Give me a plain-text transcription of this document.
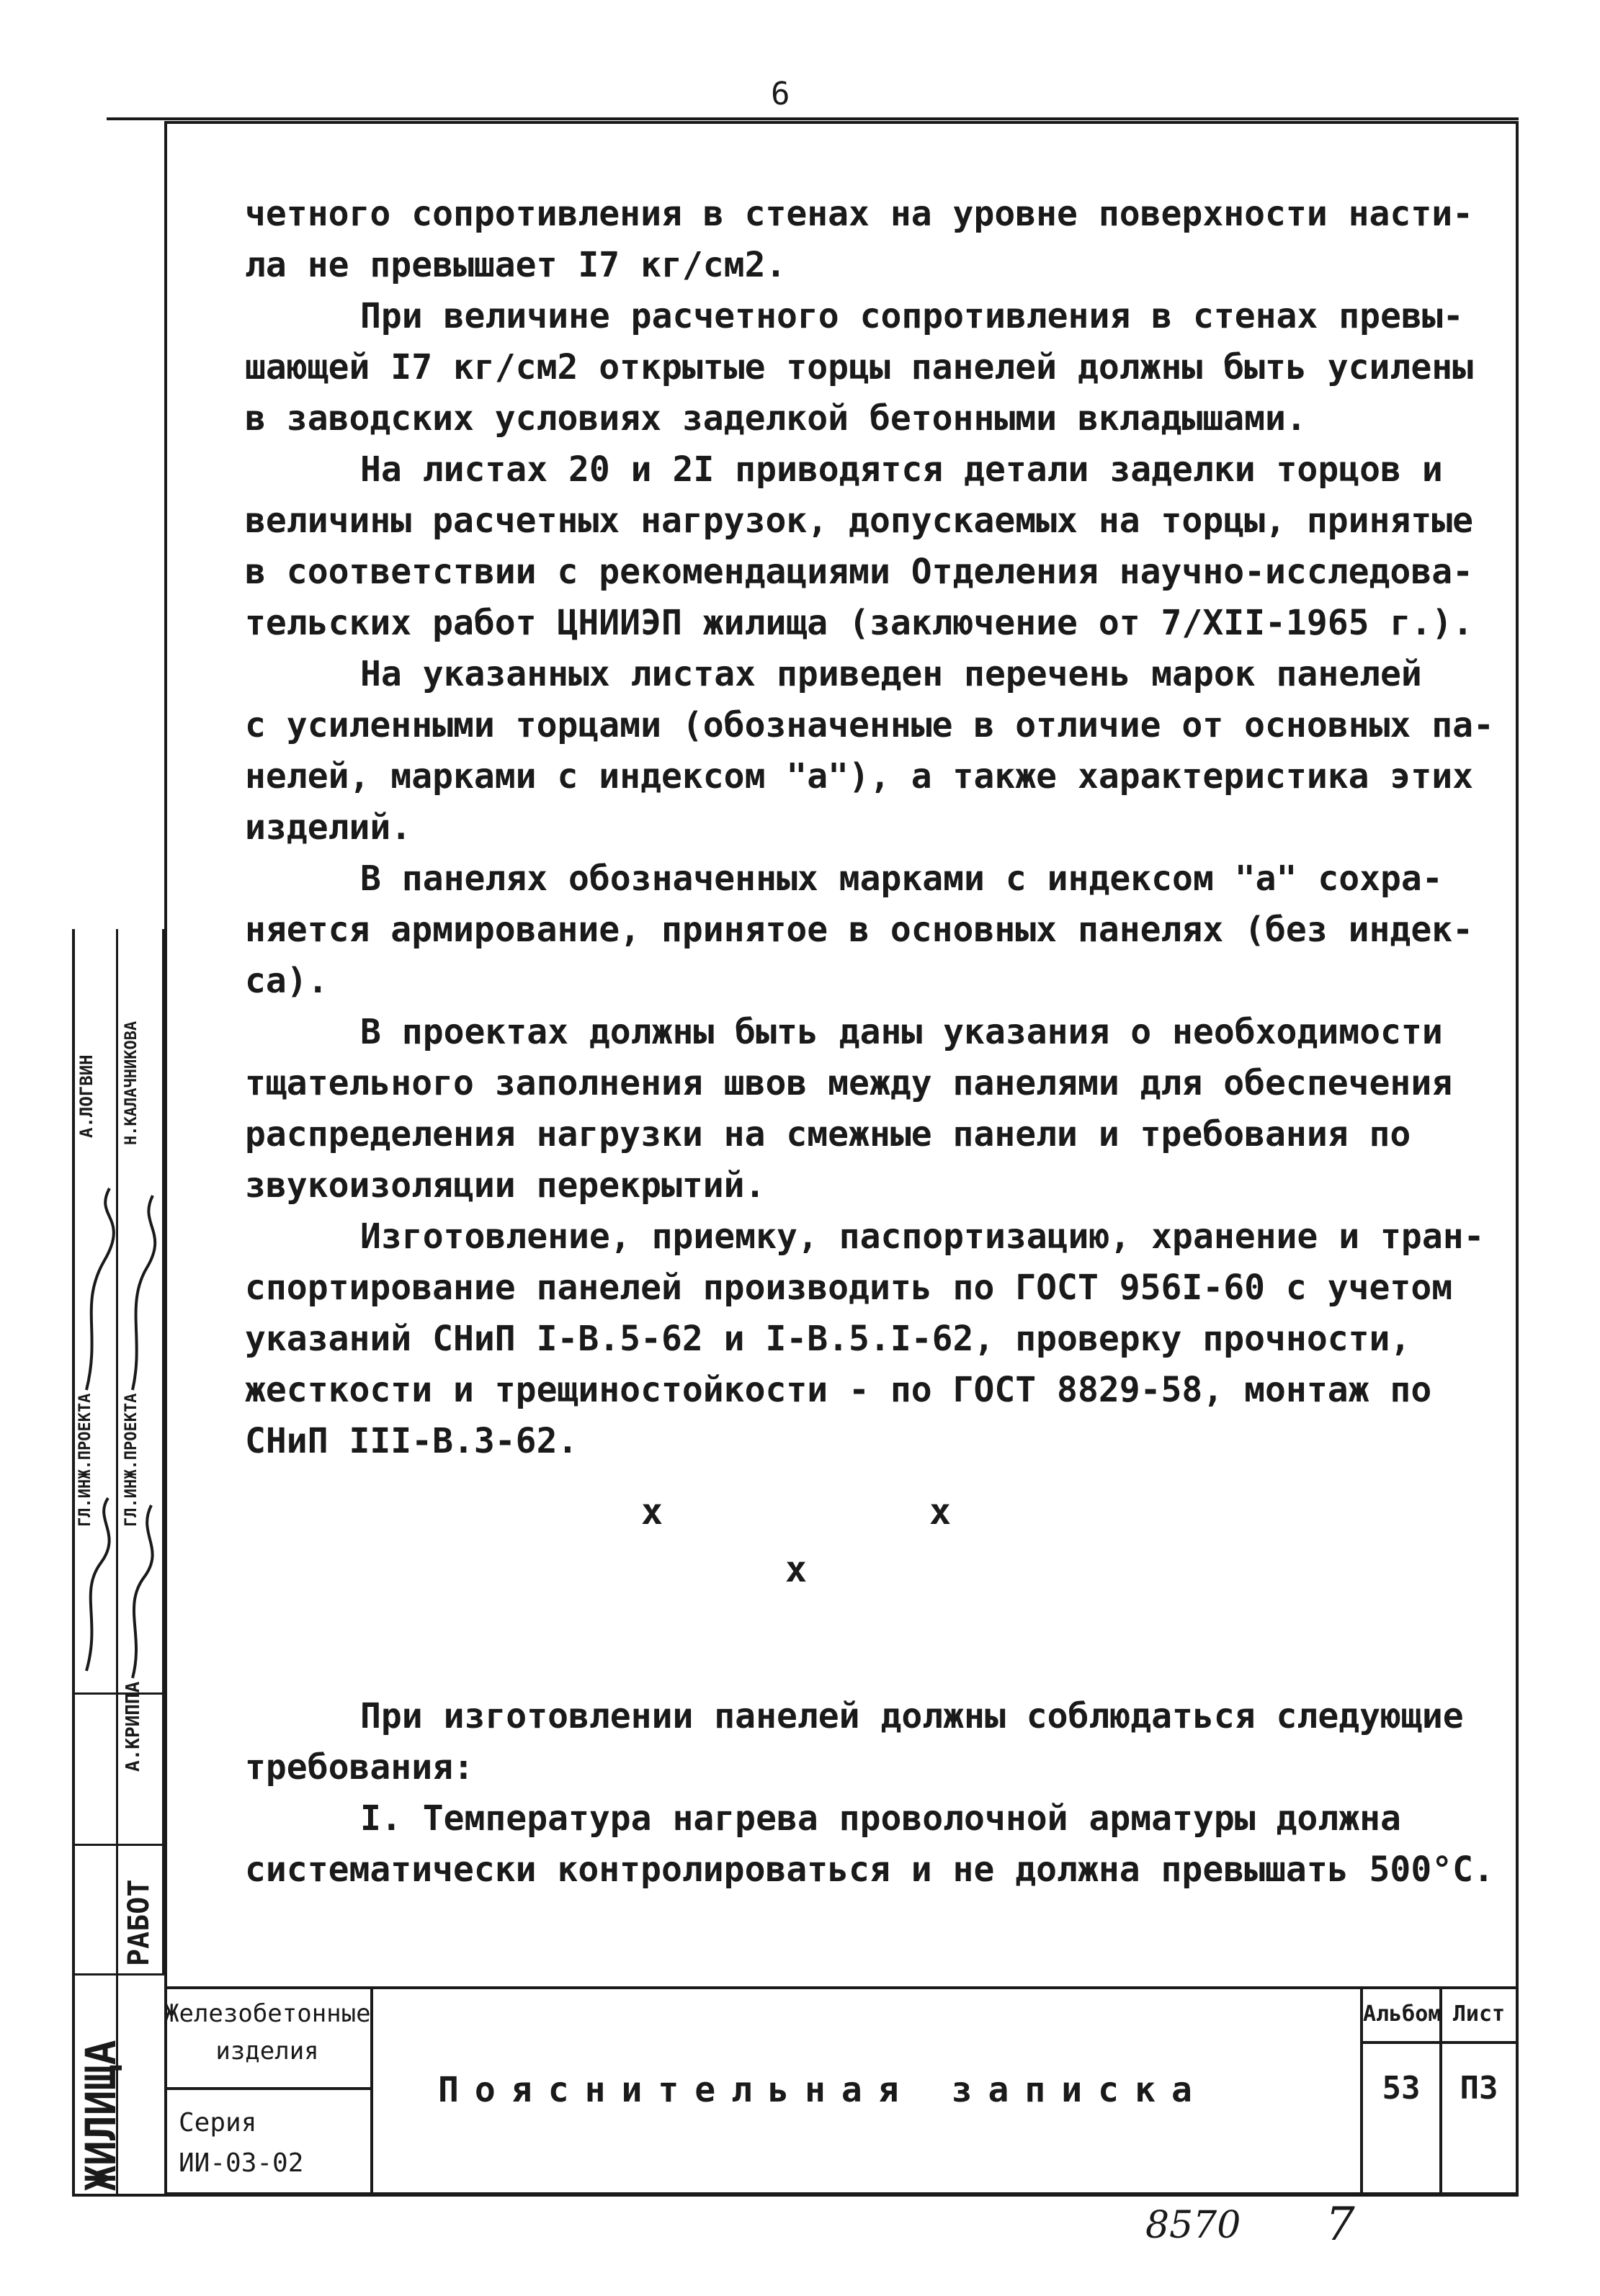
6

четного сопротивления в стенах на уровне поверхности насти-

ла не превышает I7 кг/см2.

При величине расчетного сопротивления в стенах превы-

шающей I7 кг/см2 открытые торцы панелей должны быть усилены

в заводских условиях заделкой бетонными вкладышами.

На листах 20 и 2I приводятся детали заделки торцов и

величины расчетных нагрузок, допускаемых на торцы, принятые

в соответствии с рекомендациями Отделения научно-исследова-

тельских работ ЦНИИЭП жилища (заключение от 7/XII-1965 г.).

На указанных листах приведен перечень марок панелей

с усиленными торцами (обозначенные в отличие от основных па-

нелей, марками с индексом "а"), а также характеристика этих

изделий.

В панелях обозначенных марками с индексом "а" сохра-

няется армирование, принятое в основных панелях (без индек-

са).

В проектах должны быть даны указания о необходимости

тщательного заполнения швов между панелями для обеспечения

распределения нагрузки на смежные панели и требования по

звукоизоляции перекрытий.

Изготовление, приемку, паспортизацию, хранение и тран-

спортирование панелей производить по ГОСТ 956I-60 с учетом

указаний СНиП I-В.5-62 и I-В.5.I-62, проверку прочности,

жесткости и трещиностойкости - по ГОСТ 8829-58, монтаж по

СНиП III-В.3-62.

x	x
x

При изготовлении панелей должны соблюдаться следующие

требования:

I. Температура нагрева проволочной арматуры должна

систематически контролироваться и не должна превышать 500°С.

Железобетонные
изделия
Серия
ИИ-03-02
Пояснительная записка
Альбом
53
Лист
П3
ЖИЛИЩА
РАБОТ
А.КРИППА
ГЛ.ИНЖ.ПРОЕКТА ГЛ.ИНЖ.ПРОЕКТА
А.ЛОГВИН Н.КАЛАЧНИКОВА
8570 7
